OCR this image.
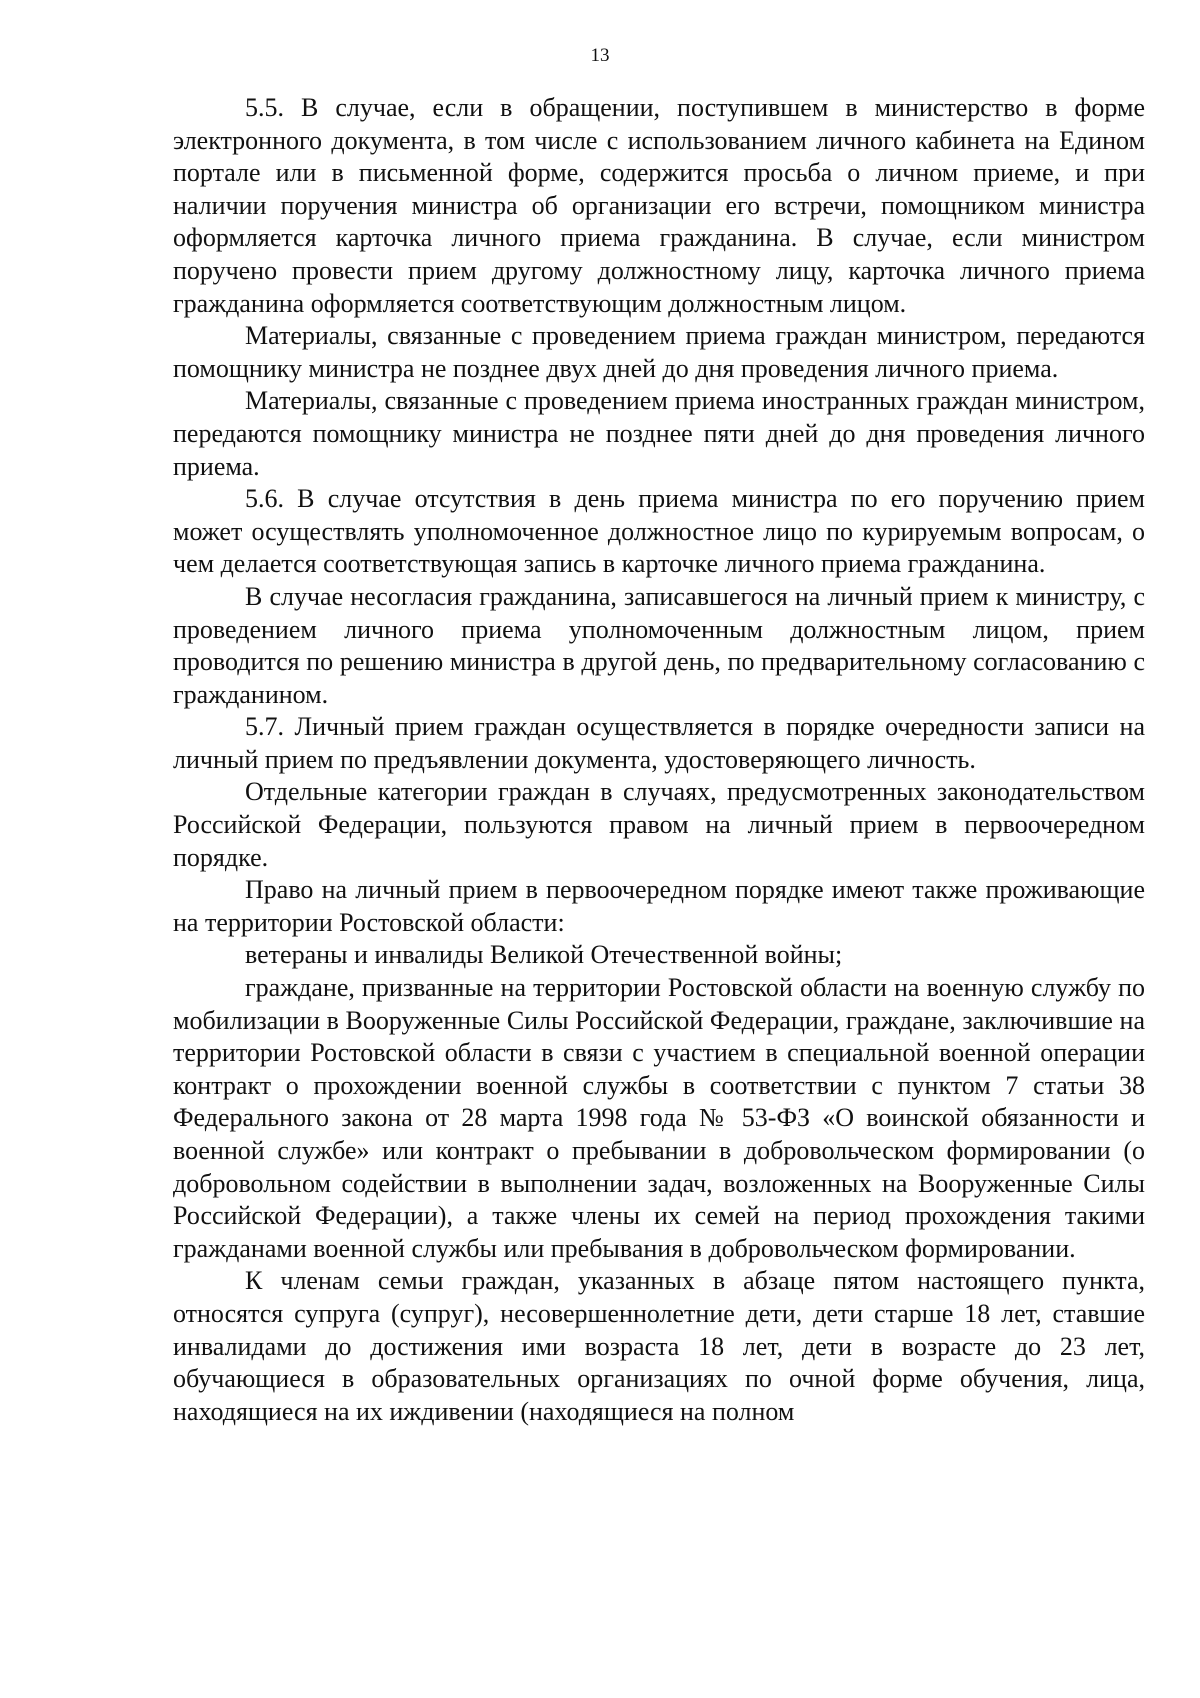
13

5.5. В случае, если в обращении, поступившем в министерство в форме электронного документа, в том числе с использованием личного кабинета на Едином портале или в письменной форме, содержится просьба о личном приеме, и при наличии поручения министра об организации его встречи, помощником министра оформляется карточка личного приема гражданина. В случае, если министром поручено провести прием другому должностному лицу, карточка личного приема гражданина оформляется соответствующим должностным лицом.

Материалы, связанные с проведением приема граждан министром, передаются помощнику министра не позднее двух дней до дня проведения личного приема.

Материалы, связанные с проведением приема иностранных граждан министром, передаются помощнику министра не позднее пяти дней до дня проведения личного приема.

5.6. В случае отсутствия в день приема министра по его поручению прием может осуществлять уполномоченное должностное лицо по курируемым вопросам, о чем делается соответствующая запись в карточке личного приема гражданина.

В случае несогласия гражданина, записавшегося на личный прием к министру, с проведением личного приема уполномоченным должностным лицом, прием проводится по решению министра в другой день, по предварительному согласованию с гражданином.

5.7. Личный прием граждан осуществляется в порядке очередности записи на личный прием по предъявлении документа, удостоверяющего личность.

Отдельные категории граждан в случаях, предусмотренных законодательством Российской Федерации, пользуются правом на личный прием в первоочередном порядке.

Право на личный прием в первоочередном порядке имеют также проживающие на территории Ростовской области:

ветераны и инвалиды Великой Отечественной войны;

граждане, призванные на территории Ростовской области на военную службу по мобилизации в Вооруженные Силы Российской Федерации, граждане, заключившие на территории Ростовской области в связи с участием в специальной военной операции контракт о прохождении военной службы в соответствии с пунктом 7 статьи 38 Федерального закона от 28 марта 1998 года № 53-ФЗ «О воинской обязанности и военной службе» или контракт о пребывании в добровольческом формировании (о добровольном содействии в выполнении задач, возложенных на Вооруженные Силы Российской Федерации), а также члены их семей на период прохождения такими гражданами военной службы или пребывания в добровольческом формировании.

К членам семьи граждан, указанных в абзаце пятом настоящего пункта, относятся супруга (супруг), несовершеннолетние дети, дети старше 18 лет, ставшие инвалидами до достижения ими возраста 18 лет, дети в возрасте до 23 лет, обучающиеся в образовательных организациях по очной форме обучения, лица, находящиеся на их иждивении (находящиеся на полном
